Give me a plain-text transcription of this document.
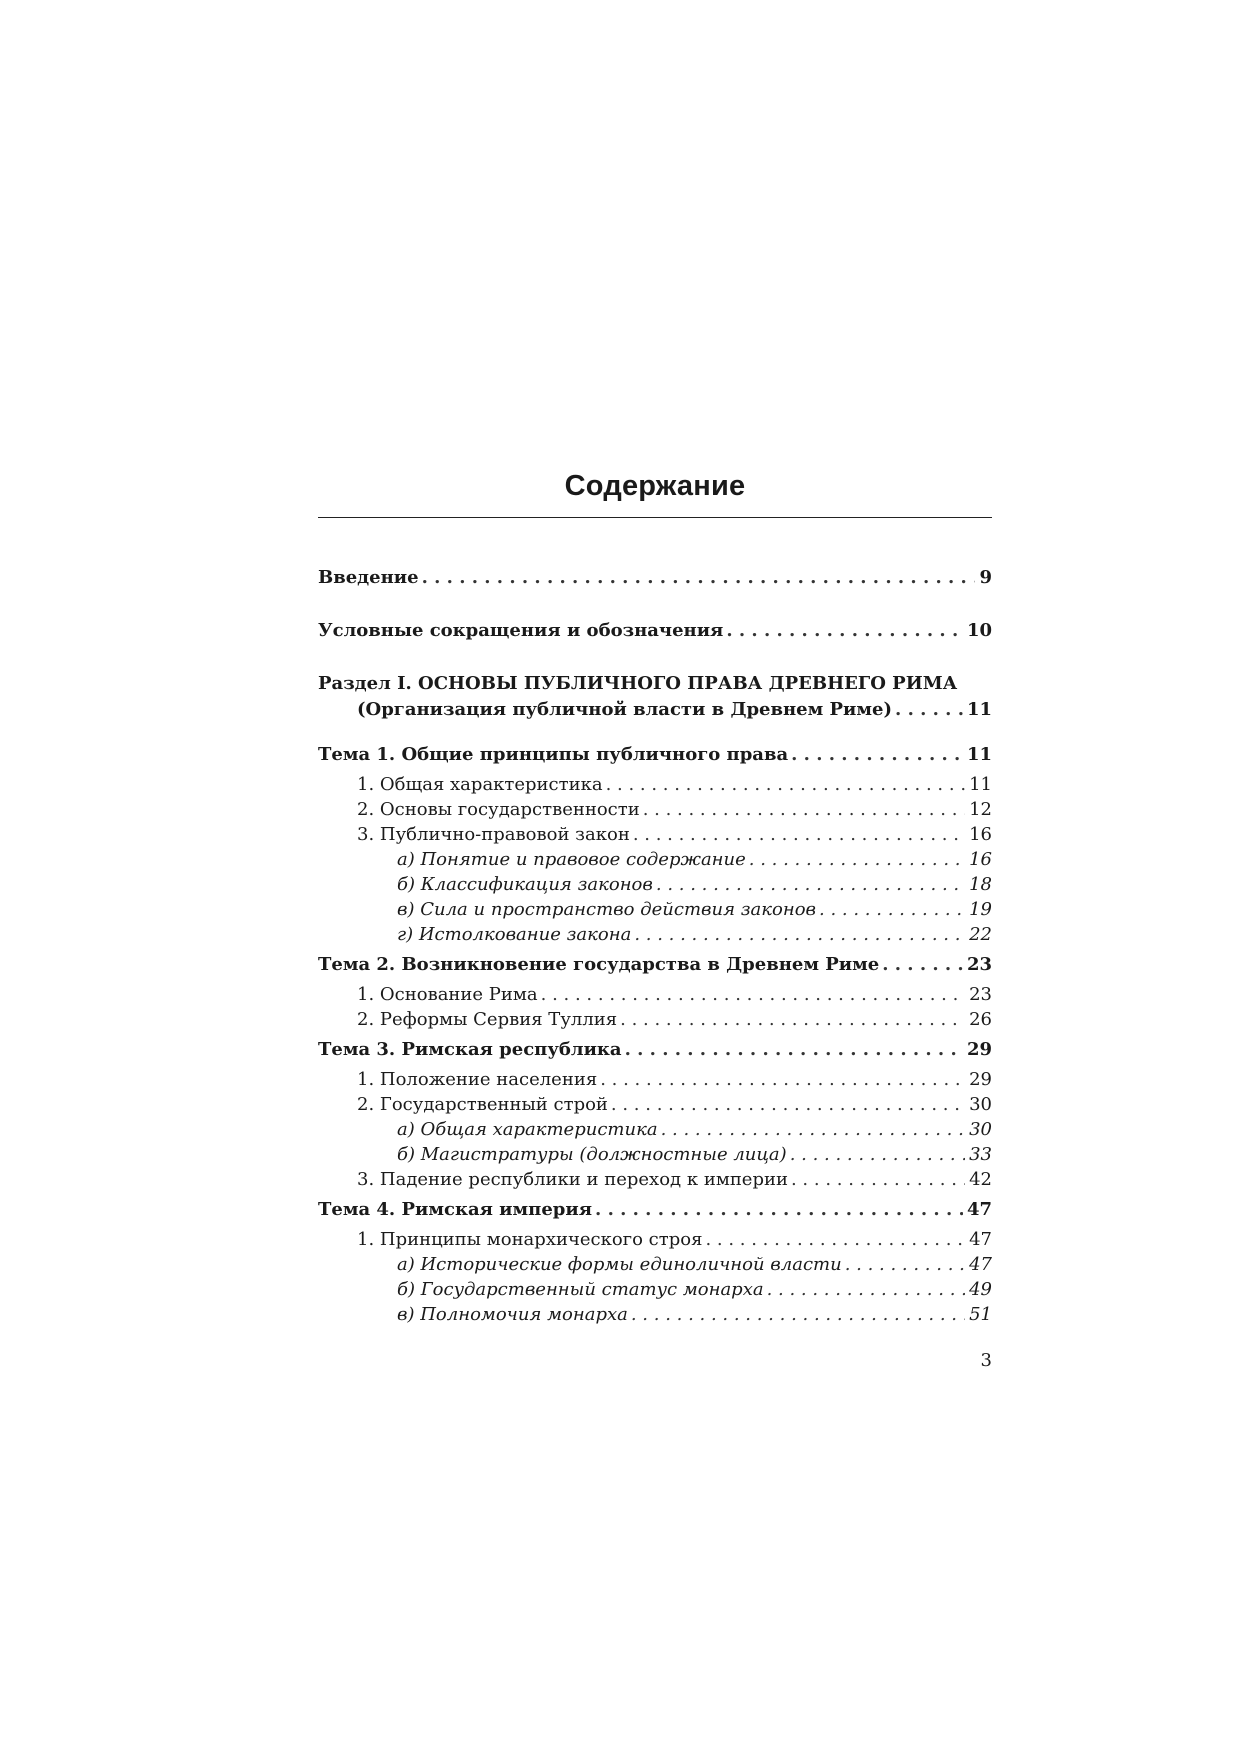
Содержание
Введение . . .	9
Условные сокращения и обозначения . . .	10
Раздел I. ОСНОВЫ ПУБЛИЧНОГО ПРАВА ДРЕВНЕГО РИМА
(Организация публичной власти в Древнем Риме) . . .	11
Тема 1. Общие принципы публичного права . . .	11
1. Общая характеристика . . .	11
2. Основы государственности . . .	12
3. Публично-правовой закон . . .	16
а) Понятие и правовое содержание . . .	16
б) Классификация законов . . .	18
в) Сила и пространство действия законов . . .	19
г) Истолкование закона . . .	22
Тема 2. Возникновение государства в Древнем Риме . . .	23
1. Основание Рима . . .	23
2. Реформы Сервия Туллия . . .	26
Тема 3. Римская республика . . .	29
1. Положение населения . . .	29
2. Государственный строй . . .	30
а) Общая характеристика . . .	30
б) Магистратуры (должностные лица) . . .	33
3. Падение республики и переход к империи . . .	42
Тема 4. Римская империя . . .	47
1. Принципы монархического строя . . .	47
а) Исторические формы единоличной власти . . .	47
б) Государственный статус монарха . . .	49
в) Полномочия монарха . . .	51
3
